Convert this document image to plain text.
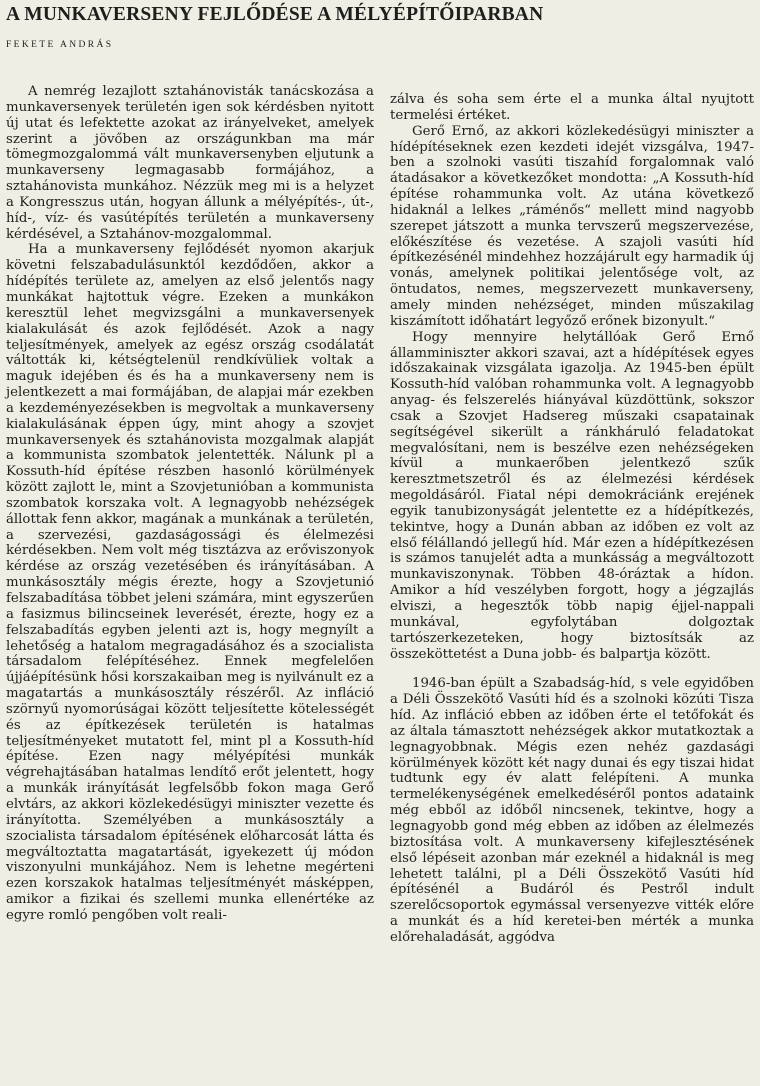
A MUNKAVERSENY FEJLŐDÉSE A MÉLYÉPÍTŐIPARBAN
FEKETE ANDRÁS

A nemrég lezajlott sztahánovisták tanácskozása a munkaversenyek területén igen sok kérdésben nyitott új utat és lefektette azokat az irányelveket, amelyek szerint a jövőben az országunkban ma már tömegmozgalommá vált munkaversenyben eljutunk a munkaverseny legmagasabb formájához, a sztahánovista munkához. Nézzük meg mi is a helyzet a Kongresszus után, hogyan állunk a mélyépítés-, út-, híd-, víz- és vasútépítés területén a munkaverseny kérdésével, a Sztahánov-mozgalommal.

Ha a munkaverseny fejlődését nyomon akarjuk követni felszabadulásunktól kezdődően, akkor a hídépítés területe az, amelyen az első jelentős nagy munkákat hajtottuk végre. Ezeken a munkákon keresztül lehet megvizsgálni a munkaversenyek kialakulását és azok fejlődését. Azok a nagy teljesítmények, amelyek az egész ország csodálatát váltották ki, kétségtelenül rendkívüliek voltak a maguk idejében és és ha a munkaverseny nem is jelentkezett a mai formájában, de alapjai már ezekben a kezdeményezésekben is megvoltak a munkaverseny kialakulásának éppen úgy, mint ahogy a szovjet munkaversenyek és sztahánovista mozgalmak alapját a kommunista szombatok jelentették. Nálunk pl a Kossuth-híd építése részben hasonló körülmények között zajlott le, mint a Szovjetunióban a kommunista szombatok korszaka volt. A legnagyobb nehézségek állottak fenn akkor, magának a munkának a területén, a szervezési, gazdaságossági és élelmezési kérdésekben. Nem volt még tisztázva az erőviszonyok kérdése az ország vezetésében és irányításában. A munkásosztály mégis érezte, hogy a Szovjetunió felszabadítása többet jeleni számára, mint egyszerűen a fasizmus bilincseinek leverését, érezte, hogy ez a felszabadítás egyben jelenti azt is, hogy megnyílt a lehetőség a hatalom megragadásához és a szocialista társadalom felépítéséhez. Ennek megfelelően újjáépítésünk hősi korszakaiban meg is nyilvánult ez a magatartás a munkásosztály részéről. Az infláció szörnyű nyomorúságai között teljesítette kötelességét és az építkezések területén is hatalmas teljesítményeket mutatott fel, mint pl a Kossuth-híd építése. Ezen nagy mélyépítési munkák végrehajtásában hatalmas lendítő erőt jelentett, hogy a munkák irányítását legfelsőbb fokon maga Gerő elvtárs, az akkori közlekedésügyi miniszter vezette és irányította. Személyében a munkásosztály a szocialista társadalom építésének előharcosát látta és megváltoztatta magatartását, igyekezett új módon viszonyulni munkájához. Nem is lehetne megérteni ezen korszakok hatalmas teljesítményét másképpen, amikor a fizikai és szellemi munka ellenértéke az egyre romló pengőben volt reali-

zálva és soha sem érte el a munka által nyujtott termelési értéket.

Gerő Ernő, az akkori közlekedésügyi miniszter a hídépítéseknek ezen kezdeti idejét vizsgálva, 1947-ben a szolnoki vasúti tiszahíd forgalomnak való átadásakor a következőket mondotta: „A Kossuth-híd építése rohammunka volt. Az utána következő hidaknál a lelkes „ráménős“ mellett mind nagyobb szerepet játszott a munka tervszerű megszervezése, előkészítése és vezetése. A szajoli vasúti híd építkezésénél mindehhez hozzájárult egy harmadik új vonás, amelynek politikai jelentősége volt, az öntudatos, nemes, megszervezett munkaverseny, amely minden nehézséget, minden műszakilag kiszámított időhatárt legyőző erőnek bizonyult.“

Hogy mennyire helytállóak Gerő Ernő államminiszter akkori szavai, azt a hídépítések egyes időszakainak vizsgálata igazolja. Az 1945-ben épült Kossuth-híd valóban rohammunka volt. A legnagyobb anyag- és felszerelés hiányával küzdöttünk, sokszor csak a Szovjet Hadsereg műszaki csapatainak segítségével sikerült a ránkháruló feladatokat megvalósítani, nem is beszélve ezen nehézségeken kívül a munkaerőben jelentkező szűk keresztmetszetről és az élelmezési kérdések megoldásáról. Fiatal népi demokráciánk erejének egyik tanubizonyságát jelentette ez a hídépítkezés, tekintve, hogy a Dunán abban az időben ez volt az első félállandó jellegű híd. Már ezen a hídépítkezésen is számos tanujelét adta a munkásság a megváltozott munkaviszonynak. Többen 48-óráztak a hídon. Amikor a híd veszélyben forgott, hogy a jégzajlás elviszi, a hegesztők több napig éjjel-nappali munkával, egyfolytában dolgoztak tartószerkezeteken, hogy biztosítsák az összeköttetést a Duna jobb- és balpartja között.

1946-ban épült a Szabadság-híd, s vele egyidőben a Déli Összekötő Vasúti híd és a szolnoki közúti Tisza híd. Az infláció ebben az időben érte el tetőfokát és az általa támasztott nehézségek akkor mutatkoztak a legnagyobbnak. Mégis ezen nehéz gazdasági körülmények között két nagy dunai és egy tiszai hidat tudtunk egy év alatt felépíteni. A munka termelékenységének emelkedéséről pontos adataink még ebből az időből nincsenek, tekintve, hogy a legnagyobb gond még ebben az időben az élelmezés biztosítása volt. A munkaverseny kifejlesztésének első lépéseit azonban már ezeknél a hidaknál is meg lehetett találni, pl a Déli Összekötő Vasúti híd építésénél a Budáról és Pestről indult szerelőcsoportok egymással versenyezve vitték előre a munkát és a híd keretei-ben mérték a munka előrehaladását, aggódva
